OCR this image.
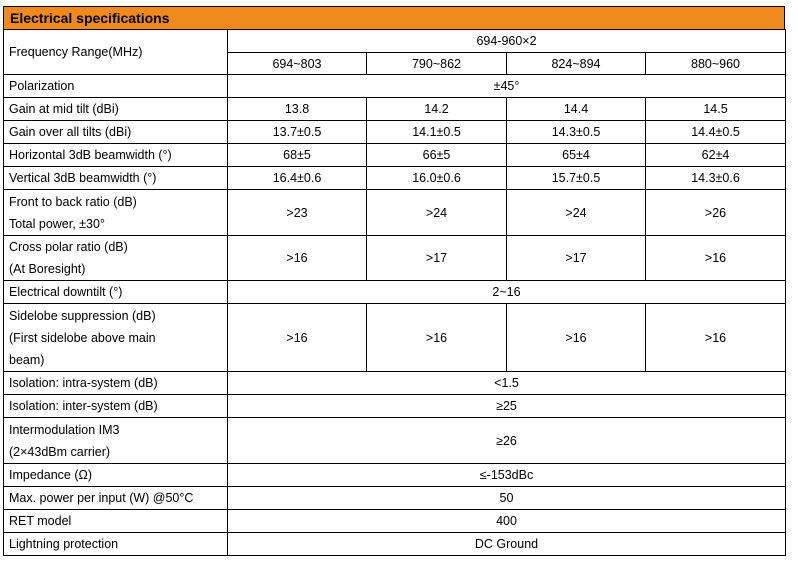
Electrical specifications
Frequency Range(MHz)	694-960×2			
	694~803	790~862	824~894	880~960
Polarization	±45°			
Gain at mid tilt (dBi)	13.8	14.2	14.4	14.5
Gain over all tilts (dBi)	13.7±0.5	14.1±0.5	14.3±0.5	14.4±0.5
Horizontal 3dB beamwidth (°)	68±5	66±5	65±4	62±4
Vertical 3dB beamwidth (°)	16.4±0.6	16.0±0.6	15.7±0.5	14.3±0.6

Front to back ratio (dB)
Total power, ±30°	>23	>24	>24	>26

Cross polar ratio (dB)
(At Boresight)	>16	>17	>17	>16
Electrical downtilt (°)	2~16			

Sidelobe suppression (dB)
(First sidelobe above main
beam)	>16	>16	>16	>16
Isolation: intra-system (dB)	<1.5			
Isolation: inter-system (dB)	≥25			

Intermodulation IM3
(2×43dBm carrier)	≥26			
Impedance (Ω)	≤-153dBc			
Max. power per input (W) @50°C	50			
RET model	400			
Lightning protection	DC Ground			
